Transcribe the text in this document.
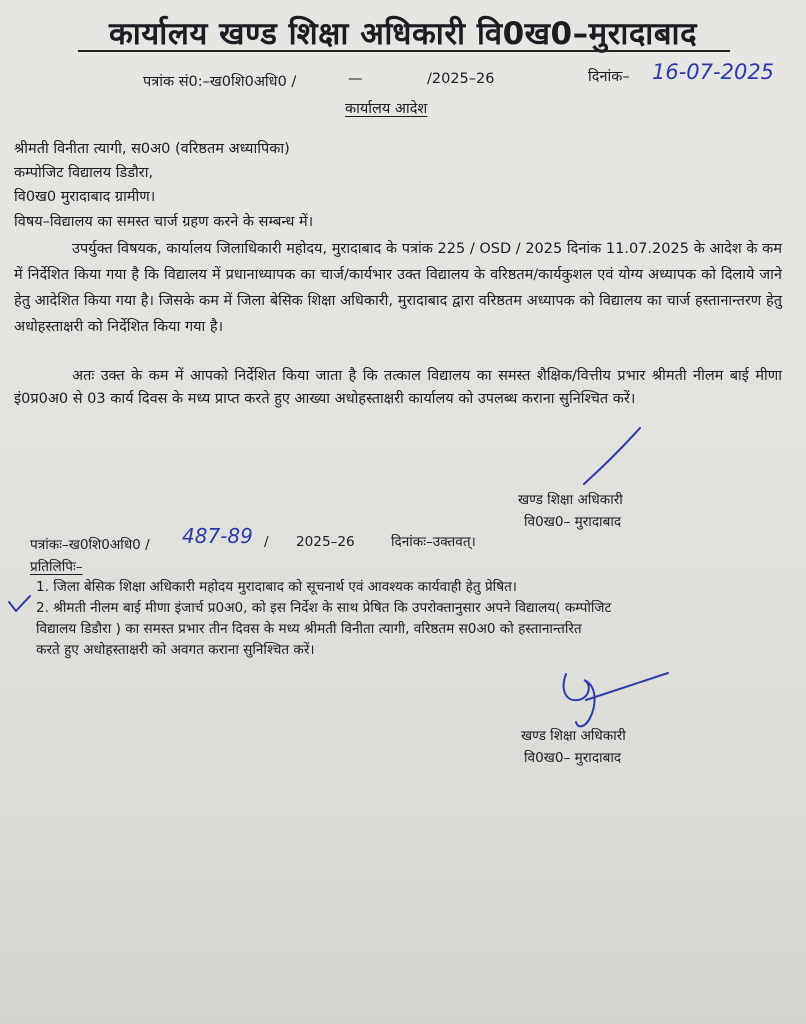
कार्यालय खण्ड शिक्षा अधिकारी वि0ख0–मुरादाबाद
पत्रांक सं0:–ख0शि0अधि0 /	—	/2025–26	दिनांक– 16-07-2025
कार्यालय आदेश
श्रीमती विनीता त्यागी, स0अ0 (वरिष्ठतम अध्यापिका)
कम्पोजिट विद्यालय डिडौरा,
वि0ख0 मुरादाबाद ग्रामीण।
विषय–विद्यालय का समस्त चार्ज ग्रहण करने के सम्बन्ध में।
उपर्युक्त विषयक, कार्यालय जिलाधिकारी महोदय, मुरादाबाद के पत्रांक 225 / OSD / 2025 दिनांक 11.07.2025 के आदेश के कम में निर्देशित किया गया है कि विद्यालय में प्रधानाध्यापक का चार्ज/कार्यभार उक्त विद्यालय के वरिष्ठतम/कार्यकुशल एवं योग्य अध्यापक को दिलाये जाने हेतु आदेशित किया गया है। जिसके कम में जिला बेसिक शिक्षा अधिकारी, मुरादाबाद द्वारा वरिष्ठतम अध्यापक को विद्यालय का चार्ज हस्तानान्तरण हेतु अधोहस्ताक्षरी को निर्देशित किया गया है।
अतः उक्त के कम में आपको निर्देशित किया जाता है कि तत्काल विद्यालय का समस्त शैक्षिक/वित्तीय प्रभार श्रीमती नीलम बाई मीणा इं0प्र0अ0 से 03 कार्य दिवस के मध्य प्राप्त करते हुए आख्या अधोहस्ताक्षरी कार्यालय को उपलब्ध कराना सुनिश्चित करें।
खण्ड शिक्षा अधिकारी
वि0ख0– मुरादाबाद
पत्रांकः–ख0शि0अधि0 / 487-89 / 2025–26	दिनांकः–उक्तवत्।
प्रतिलिपिः–
1. जिला बेसिक शिक्षा अधिकारी महोदय मुरादाबाद को सूचनार्थ एवं आवश्यक कार्यवाही हेतु प्रेषित।
2. श्रीमती नीलम बाई मीणा इंजार्च प्र0अ0, को इस निर्देश के साथ प्रेषित कि उपरोक्तानुसार अपने विद्यालय( कम्पोजिट
विद्यालय डिडौरा ) का समस्त प्रभार तीन दिवस के मध्य श्रीमती विनीता त्यागी, वरिष्ठतम स0अ0 को हस्तानान्तरित
करते हुए अधोहस्ताक्षरी को अवगत कराना सुनिश्चित करें।
खण्ड शिक्षा अधिकारी
वि0ख0– मुरादाबाद
